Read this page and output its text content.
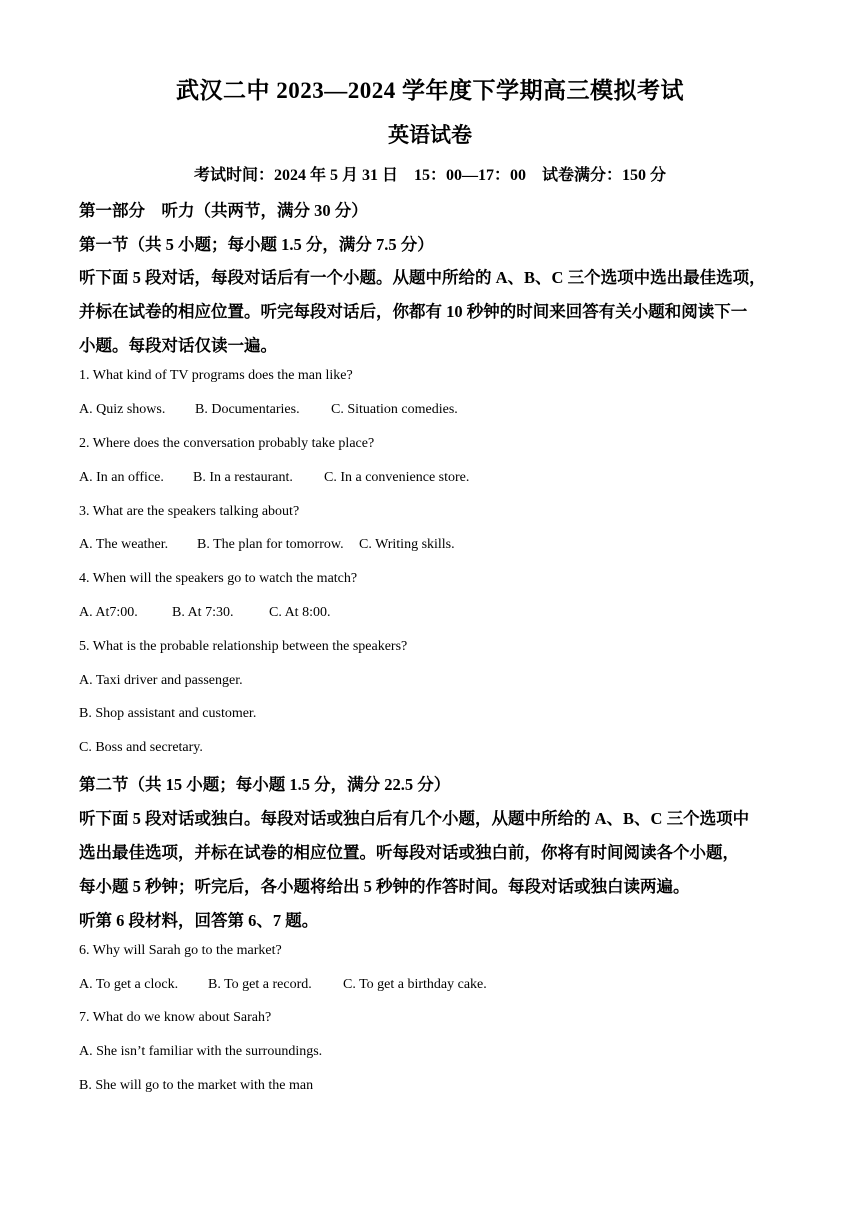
武汉二中 2023—2024 学年度下学期高三模拟考试
英语试卷
考试时间：2024 年 5 月 31 日　15：00—17：00　试卷满分：150 分
第一部分　听力（共两节，满分 30 分）
第一节（共 5 小题；每小题 1.5 分，满分 7.5 分）
听下面 5 段对话，每段对话后有一个小题。从题中所给的 A、B、C 三个选项中选出最佳选项，
并标在试卷的相应位置。听完每段对话后，你都有 10 秒钟的时间来回答有关小题和阅读下一
小题。每段对话仅读一遍。
1. What kind of TV programs does the man like?
A. Quiz shows. B. Documentaries. C. Situation comedies.
2. Where does the conversation probably take place?
A. In an office. B. In a restaurant. C. In a convenience store.
3. What are the speakers talking about?
A. The weather. B. The plan for tomorrow. C. Writing skills.
4. When will the speakers go to watch the match?
A. At7:00. B. At 7:30.	C. At 8:00.
5. What is the probable relationship between the speakers?
A. Taxi driver and passenger.
B. Shop assistant and customer.
C. Boss and secretary.
第二节（共 15 小题；每小题 1.5 分，满分 22.5 分）
听下面 5 段对话或独白。每段对话或独白后有几个小题，从题中所给的 A、B、C 三个选项中
选出最佳选项，并标在试卷的相应位置。听每段对话或独白前，你将有时间阅读各个小题，
每小题 5 秒钟；听完后，各小题将给出 5 秒钟的作答时间。每段对话或独白读两遍。
听第 6 段材料，回答第 6、7 题。
6. Why will Sarah go to the market?
A. To get a clock. B. To get a record. C. To get a birthday cake.
7. What do we know about Sarah?
A. She isn’t familiar with the surroundings.
B. She will go to the market with the man
